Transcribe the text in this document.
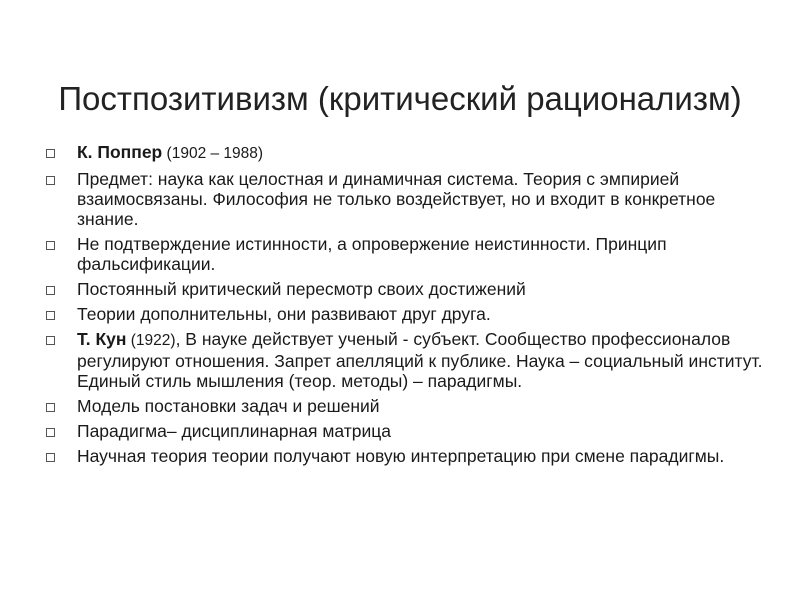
Постпозитивизм (критический рационализм)
К. Поппер (1902 – 1988)
Предмет: наука как целостная и динамичная система. Теория с эмпирией взаимосвязаны. Философия не только воздействует, но и входит в конкретное знание.
Не подтверждение истинности, а опровержение неистинности. Принцип фальсификации.
Постоянный критический пересмотр своих достижений
Теории дополнительны, они развивают друг друга.
Т. Кун (1922), В науке действует ученый - субъект. Сообщество профессионалов регулируют отношения. Запрет апелляций к публике. Наука – социальный институт. Единый стиль мышления (теор. методы) – парадигмы.
Модель постановки задач и решений
Парадигма– дисциплинарная матрица
Научная теория теории получают новую интерпретацию при смене парадигмы.
